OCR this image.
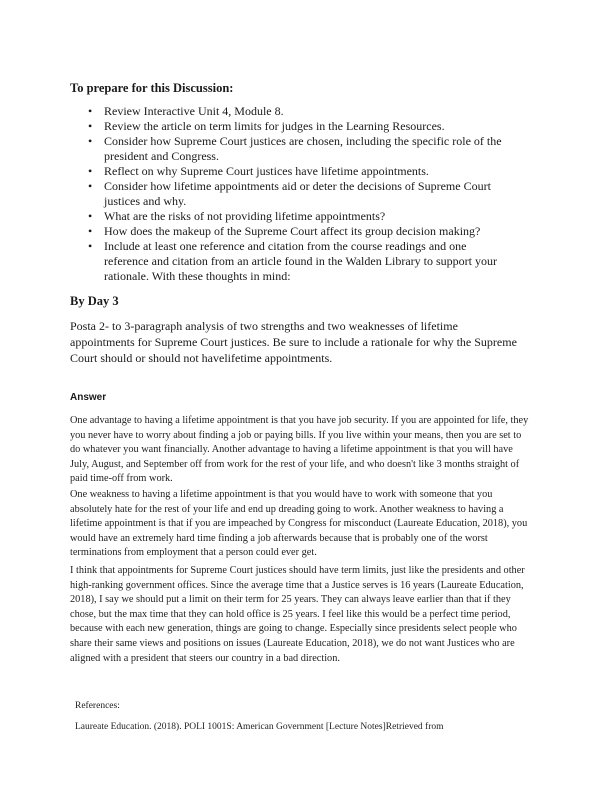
To prepare for this Discussion:

• Review Interactive Unit 4, Module 8.
• Review the article on term limits for judges in the Learning Resources.
• Consider how Supreme Court justices are chosen, including the specific role of the president and Congress.
• Reflect on why Supreme Court justices have lifetime appointments.
• Consider how lifetime appointments aid or deter the decisions of Supreme Court justices and why.
• What are the risks of not providing lifetime appointments?
• How does the makeup of the Supreme Court affect its group decision making?
• Include at least one reference and citation from the course readings and one reference and citation from an article found in the Walden Library to support your rationale. With these thoughts in mind:

By Day 3

Posta 2- to 3-paragraph analysis of two strengths and two weaknesses of lifetime appointments for Supreme Court justices. Be sure to include a rationale for why the Supreme Court should or should not havelifetime appointments.

Answer

One advantage to having a lifetime appointment is that you have job security. If you are appointed for life, they you never have to worry about finding a job or paying bills. If you live within your means, then you are set to do whatever you want financially. Another advantage to having a lifetime appointment is that you will have July, August, and September off from work for the rest of your life, and who doesn't like 3 months straight of paid time-off from work.

One weakness to having a lifetime appointment is that you would have to work with someone that you absolutely hate for the rest of your life and end up dreading going to work. Another weakness to having a lifetime appointment is that if you are impeached by Congress for misconduct (Laureate Education, 2018), you would have an extremely hard time finding a job afterwards because that is probably one of the worst terminations from employment that a person could ever get.

I think that appointments for Supreme Court justices should have term limits, just like the presidents and other high-ranking government offices. Since the average time that a Justice serves is 16 years (Laureate Education, 2018), I say we should put a limit on their term for 25 years. They can always leave earlier than that if they chose, but the max time that they can hold office is 25 years. I feel like this would be a perfect time period, because with each new generation, things are going to change. Especially since presidents select people who share their same views and positions on issues (Laureate Education, 2018), we do not want Justices who are aligned with a president that steers our country in a bad direction.

References:

Laureate Education. (2018). POLI 1001S: American Government [Lecture Notes]Retrieved from
